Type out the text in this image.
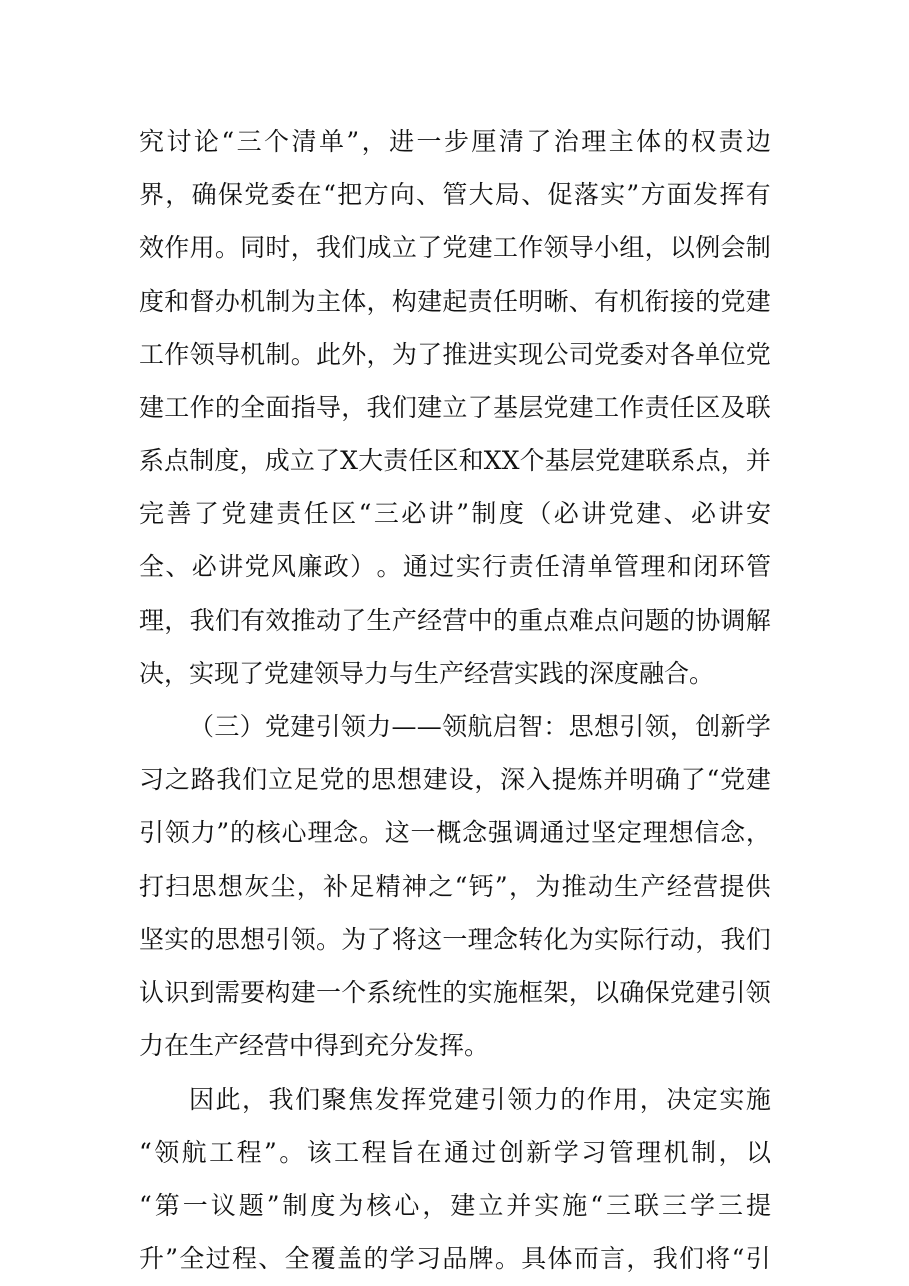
究 讨 论 “ 三 个 清 单 ” ， 进 一 步 厘 清 了 治 理 主 体 的 权 责 边
界 ， 确 保 党 委 在 “ 把 方 向 、 管 大 局 、 促 落 实 ” 方 面 发 挥 有
效 作 用 。 同 时 ， 我 们 成 立 了 党 建 工 作 领 导 小 组 ， 以 例 会 制
度 和 督 办 机 制 为 主 体 ， 构 建 起 责 任 明 晰 、 有 机 衔 接 的 党 建
工 作 领 导 机 制 。 此 外 ， 为 了 推 进 实 现 公 司 党 委 对 各 单 位 党
建 工 作 的 全 面 指 导 ， 我 们 建 立 了 基 层 党 建 工 作 责 任 区 及 联
系 点 制 度 ， 成 立 了 X 大 责 任 区 和 X X 个 基 层 党 建 联 系 点 ， 并
完 善 了 党 建 责 任 区 “ 三 必 讲 ” 制 度 （ 必 讲 党 建 、 必 讲 安
全 、 必 讲 党 风 廉 政 ） 。 通 过 实 行 责 任 清 单 管 理 和 闭 环 管
理 ， 我 们 有 效 推 动 了 生 产 经 营 中 的 重 点 难 点 问 题 的 协 调 解
决，实现了党建领导力与生产经营实践的深度融合。
（ 三 ） 党 建 引 领 力 — — 领 航 启 智 ： 思 想 引 领 ， 创 新 学
习 之 路 我 们 立 足 党 的 思 想 建 设 ， 深 入 提 炼 并 明 确 了 “ 党 建
引 领 力 ” 的 核 心 理 念 。 这 一 概 念 强 调 通 过 坚 定 理 想 信 念 ，
打 扫 思 想 灰 尘 ， 补 足 精 神 之 “ 钙 ” ， 为 推 动 生 产 经 营 提 供
坚 实 的 思 想 引 领 。 为 了 将 这 一 理 念 转 化 为 实 际 行 动 ， 我 们
认 识 到 需 要 构 建 一 个 系 统 性 的 实 施 框 架 ， 以 确 保 党 建 引 领
力在生产经营中得到充分发挥。
因 此 ， 我 们 聚 焦 发 挥 党 建 引 领 力 的 作 用 ， 决 定 实 施
“ 领 航 工 程 ” 。 该 工 程 旨 在 通 过 创 新 学 习 管 理 机 制 ， 以
“ 第 一 议 题 ” 制 度 为 核 心 ， 建 立 并 实 施 “ 三 联 三 学 三 提
升 ” 全 过 程 、 全 覆 盖 的 学 习 品 牌 。 具 体 而 言 ， 我 们 将 “ 引
